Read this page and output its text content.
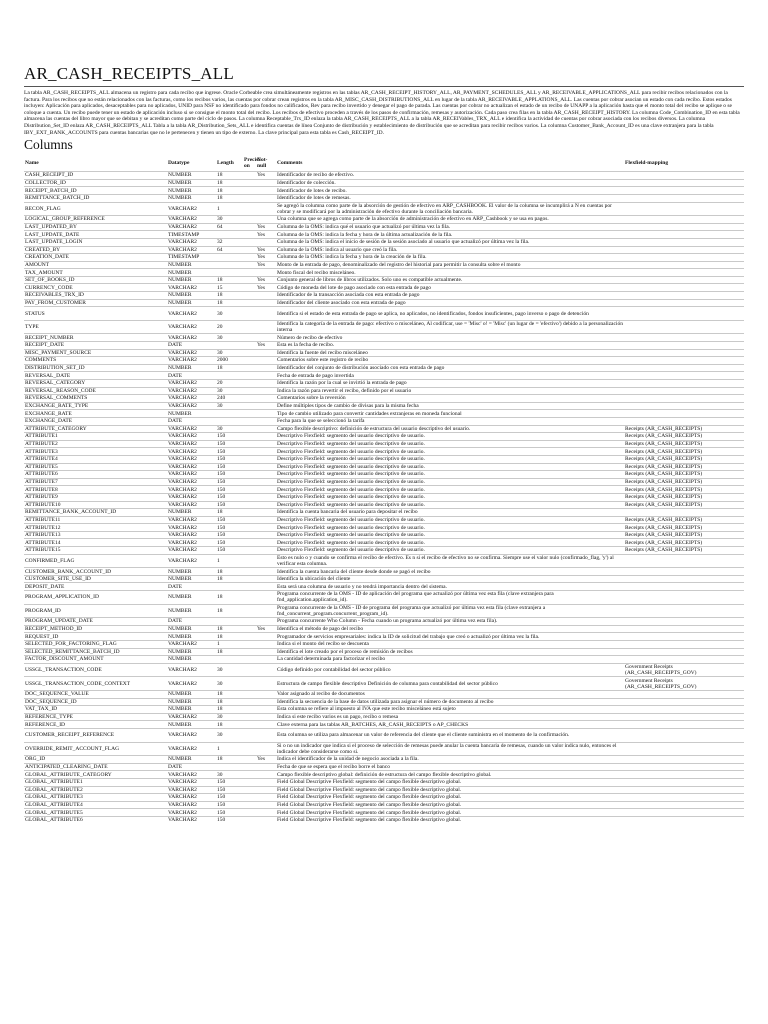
AR_CASH_RECEIPTS_ALL

La tabla AR_CASH_RECEIPTS_ALL almacena un registro para cada recibo que ingrese. Oracle Corbeable crea simultáneamente registros en las tablas AR_CASH_RECEIPT_HISTORY_ALL, AR_PAYMENT_SCHEDULES_ALL y AR_RECEIVABLE_APPLICATIONS_ALL para recibir recibos relacionados con la factura. Para los recibos que no están relacionados con las facturas, como los recibos varios, las cuentas por cobrar crean registros en la tabla AR_MISC_CASH_DISTRIBUTIONS_ALL en lugar de la tabla AR_RECEIVABLE_APPLATIONS_ALL. Las cuentas por cobrar asocian un estado con cada recibo. Estos estados incluyen: Aplicación para aplicados, desaceptables para no aplicados, UNID para NSF no identificado para fondos no calificados, Rev para recibo invertido y denegar el pago de parada. Las cuentas por cobrar no actualizan el estado de un recibo de UNAPP a la aplicación hasta que el monto total del recibo se aplique o se coloque a cuenta. Un recibo puede tener un estado de aplicación incluso si se consigue el monto total del recibo. Los recibos de efectivo proceden a través de los pasos de confirmación, remesas y autorización. Cada paso crea filas en la tabla AR_CASH_RECEIPT_HISTORY. La columna Code_Combination_ID en esta tabla almacena las cuentas del libro mayor que se debitan y se acreditan como parte del ciclo de pasos. La columna Receptable_Trx_ID enlaza la tabla AR_CASH_RECEIPTS_ALL a la tabla AR_RECEIVables_TRX_ALL e identifica la actividad de cuentas por cobrar asociada con los recibos diversos. La columna Distribution_Set_ID enlaza AR_CASH_RECEIPTS_ALL Tabla a la tabla AR_Distribution_Sets_ALL e identifica cuentas de línea Conjunto de distribución y establecimiento de distribución que se acreditan para recibir recibos varios. La columna Customer_Bank_Account_ID es una clave extranjera para la tabla IBY_EXT_BANK_ACCOUNTS para cuentas bancarias que no le pertenecen y tienen un tipo de externo. La clave principal para esta tabla es Cash_RECEIPT_ID.

Columns
Name	Datatype	Length	Precisi on	Not-null	Comments	Flexfield-mapping
CASH_RECEIPT_ID	NUMBER	18		Yes	Identificador de recibo de efectivo.	
COLLECTOR_ID	NUMBER	18			Identificador de colección.	
RECEIPT_BATCH_ID	NUMBER	18			Identificador de lotes de recibo.	
REMITTANCE_BATCH_ID	NUMBER	18			Identificador de lotes de remesas.	
RECON_FLAG	VARCHAR2	1			Se agregó la columna como parte de la absorción de gestión de efectivo en ARP_CASHBOOK. El valor de la columna se incumplirá a N en cuentas por cobrar y se modificará por la administración de efectivo durante la conciliación bancaria.	
LOGICAL_GROUP_REFERENCE	VARCHAR2	30			Una columna que se agrega como parte de la absorción de administración de efectivo en ARP_Cashbook y se usa en pagos.	
LAST_UPDATED_BY	VARCHAR2	64		Yes	Columna de la OMS: indica qué el usuario que actualizó por última vez la fila.	
LAST_UPDATE_DATE	TIMESTAMP			Yes	Columna de la OMS: indica la fecha y hora de la última actualización de la fila.	
LAST_UPDATE_LOGIN	VARCHAR2	32			Columna de la OMS: indica el inicio de sesión de la sesión asociado al usuario que actualizó por última vez la fila.	
CREATED_BY	VARCHAR2	64		Yes	Columna de la OMS: indica al usuario que creó la fila.	
CREATION_DATE	TIMESTAMP			Yes	Columna de la OMS: indica la fecha y hora de la creación de la fila.	
AMOUNT	NUMBER			Yes	Monto de la entrada de pago, denominalizado del registro del historial para permitir la consulta sobre el monto	
TAX_AMOUNT	NUMBER				Monto fiscal del recibo misceláneo.	
SET_OF_BOOKS_ID	NUMBER	18		Yes	Conjunto general de libros de libros utilizados. Solo uno es compatible actualmente.	
CURRENCY_CODE	VARCHAR2	15		Yes	Código de moneda del lote de pago asociado con esta entrada de pago	
RECEIVABLES_TRX_ID	NUMBER	18			Identificador de la transacción asociada con esta entrada de pago	
PAY_FROM_CUSTOMER	NUMBER	18			Identificador del cliente asociado con esta entrada de pago	
STATUS	VARCHAR2	30			Identifica si el estado de esta entrada de pago se aplica, no aplicados, no identificados, fondos insuficientes, pago inverso o pago de detención	
TYPE	VARCHAR2	20			Identifica la categoría de la entrada de pago: efectivo o misceláneo, Al codificar, use = 'Misc' o! = 'Misc' (un lugar de = 'efectivo') debido a la personalización interna	
RECEIPT_NUMBER	VARCHAR2	30			Número de recibo de efectivo	
RECEIPT_DATE	DATE			Yes	Esta es la fecha de recibo.	
MISC_PAYMENT_SOURCE	VARCHAR2	30			Identifica la fuente del recibo misceláneo	
COMMENTS	VARCHAR2	2000			Comentarios sobre este registro de recibo	
DISTRIBUTION_SET_ID	NUMBER	18			Identificador del conjunto de distribución asociado con esta entrada de pago	
REVERSAL_DATE	DATE				Fecha de entrada de pago invertida	
REVERSAL_CATEGORY	VARCHAR2	20			Identifica la razón por la cual se invirtió la entrada de pago	
REVERSAL_REASON_CODE	VARCHAR2	30			Indica la razón para revertir el recibo, definido por el usuario	
REVERSAL_COMMENTS	VARCHAR2	240			Comentarios sobre la reversión	
EXCHANGE_RATE_TYPE	VARCHAR2	30			Define múltiples tipos de cambio de divisas para la misma fecha	
EXCHANGE_RATE	NUMBER				Tipo de cambio utilizado para convertir cantidades extranjeras en moneda funcional	
EXCHANGE_DATE	DATE				Fecha para la que se seleccionó la tarifa	
ATTRIBUTE_CATEGORY	VARCHAR2	30			Campo flexible descriptivo: definición de estructura del usuario descriptivo del usuario.	Receipts (AR_CASH_RECEIPTS)
ATTRIBUTE1	VARCHAR2	150			Descriptivo Flexfield: segmento del usuario descriptivo de usuario.	Receipts (AR_CASH_RECEIPTS)
ATTRIBUTE2	VARCHAR2	150			Descriptivo Flexfield: segmento del usuario descriptivo de usuario.	Receipts (AR_CASH_RECEIPTS)
ATTRIBUTE3	VARCHAR2	150			Descriptivo Flexfield: segmento del usuario descriptivo de usuario.	Receipts (AR_CASH_RECEIPTS)
ATTRIBUTE4	VARCHAR2	150			Descriptivo Flexfield: segmento del usuario descriptivo de usuario.	Receipts (AR_CASH_RECEIPTS)
ATTRIBUTE5	VARCHAR2	150			Descriptivo Flexfield: segmento del usuario descriptivo de usuario.	Receipts (AR_CASH_RECEIPTS)
ATTRIBUTE6	VARCHAR2	150			Descriptivo Flexfield: segmento del usuario descriptivo de usuario.	Receipts (AR_CASH_RECEIPTS)
ATTRIBUTE7	VARCHAR2	150			Descriptivo Flexfield: segmento del usuario descriptivo de usuario.	Receipts (AR_CASH_RECEIPTS)
ATTRIBUTE8	VARCHAR2	150			Descriptivo Flexfield: segmento del usuario descriptivo de usuario.	Receipts (AR_CASH_RECEIPTS)
ATTRIBUTE9	VARCHAR2	150			Descriptivo Flexfield: segmento del usuario descriptivo de usuario.	Receipts (AR_CASH_RECEIPTS)
ATTRIBUTE10	VARCHAR2	150			Descriptivo Flexfield: segmento del usuario descriptivo de usuario.	Receipts (AR_CASH_RECEIPTS)
REMITTANCE_BANK_ACCOUNT_ID	NUMBER	18			Identifica la cuenta bancaria del usuario para depositar el recibo	
ATTRIBUTE11	VARCHAR2	150			Descriptivo Flexfield: segmento del usuario descriptivo de usuario.	Receipts (AR_CASH_RECEIPTS)
ATTRIBUTE12	VARCHAR2	150			Descriptivo Flexfield: segmento del usuario descriptivo de usuario.	Receipts (AR_CASH_RECEIPTS)
ATTRIBUTE13	VARCHAR2	150			Descriptivo Flexfield: segmento del usuario descriptivo de usuario.	Receipts (AR_CASH_RECEIPTS)
ATTRIBUTE14	VARCHAR2	150			Descriptivo Flexfield: segmento del usuario descriptivo de usuario.	Receipts (AR_CASH_RECEIPTS)
ATTRIBUTE15	VARCHAR2	150			Descriptivo Flexfield: segmento del usuario descriptivo de usuario.	Receipts (AR_CASH_RECEIPTS)
CONFIRMED_FLAG	VARCHAR2	1			Esto es nulo o y cuando se confirma el recibo de efectivo. Es n si el recibo de efectivo no se confirma. Siempre use el valor nulo (confirmado_flag, 'y') al verificar esta columna.	
CUSTOMER_BANK_ACCOUNT_ID	NUMBER	18			Identifica la cuenta bancaria del cliente desde donde se pagó el recibo	
CUSTOMER_SITE_USE_ID	NUMBER	18			Identifica la ubicación del cliente	
DEPOSIT_DATE	DATE				Esta será una columna de usuario y no tendrá importancia dentro del sistema.	
PROGRAM_APPLICATION_ID	NUMBER	18			Programa concurrente de la OMS - ID de aplicación del programa que actualizó por última vez esta fila (clave extranjera para fnd_application.application_id).	
PROGRAM_ID	NUMBER	18			Programa concurrente de la OMS - ID de programa del programa que actualizó por última vez esta fila (clave extranjera a fnd_concurrent_program.concurrent_program_id).	
PROGRAM_UPDATE_DATE	DATE				Programa concurrente Who Column - Fecha cuando un programa actualizó por última vez esta fila).	
RECEIPT_METHOD_ID	NUMBER	18		Yes	Identifica el método de pago del recibo	
REQUEST_ID	NUMBER	18			Programador de servicios empresariales: indica la ID de solicitud del trabajo que creó o actualizó por última vez la fila.	
SELECTED_FOR_FACTORING_FLAG	VARCHAR2	1			Indica si el monto del recibo se descuenta	
SELECTED_REMITTANCE_BATCH_ID	NUMBER	18			Identifica el lote creado por el proceso de remisión de recibos	
FACTOR_DISCOUNT_AMOUNT	NUMBER				La cantidad determinada para factorizar el recibo	
USSGL_TRANSACTION_CODE	VARCHAR2	30			Código definido por contabilidad del sector público	Government Receipts (AR_CASH_RECEIPTS_GOV)
USSGL_TRANSACTION_CODE_CONTEXT	VARCHAR2	30			Estructura de campo flexible descriptivo Definición de columna para contabilidad del sector público	Government Receipts (AR_CASH_RECEIPTS_GOV)
DOC_SEQUENCE_VALUE	NUMBER	18			Valor asignado al recibo de documentos	
DOC_SEQUENCE_ID	NUMBER	18			Identifica la secuencia de la base de datos utilizada para asignar el número de documento al recibo	
VAT_TAX_ID	NUMBER	18			Esta columna se refiere al impuesto al IVA que este recibo misceláneo está sujeto	
REFERENCE_TYPE	VARCHAR2	30			Indica si este recibo varios es un pago, recibo o remesa	
REFERENCE_ID	NUMBER	18			Clave externa para las tablas AR_BATCHES, AR_CASH_RECEIPTS o AP_CHECKS	
CUSTOMER_RECEIPT_REFERENCE	VARCHAR2	30			Esta columna se utiliza para almacenar un valor de referencia del cliente que el cliente suministra en el momento de la confirmación.	
OVERRIDE_REMIT_ACCOUNT_FLAG	VARCHAR2	1			Si o no un indicador que indica si el proceso de selección de remesas puede anular la cuenta bancaria de remesas, cuando un valor indica nulo, entonces el indicador debe considerarse como si.	
ORG_ID	NUMBER	18		Yes	Indica el identificador de la unidad de negocio asociada a la fila.	
ANTICIPATED_CLEARING_DATE	DATE				Fecha de que se espera que el recibo borre el banco	
GLOBAL_ATTRIBUTE_CATEGORY	VARCHAR2	30			Campo flexible descriptivo global: definición de estructura del campo flexible descriptivo global.	
GLOBAL_ATTRIBUTE1	VARCHAR2	150			Field Global Descriptive Flexfield: segmento del campo flexible descriptivo global.	
GLOBAL_ATTRIBUTE2	VARCHAR2	150			Field Global Descriptive Flexfield: segmento del campo flexible descriptivo global.	
GLOBAL_ATTRIBUTE3	VARCHAR2	150			Field Global Descriptive Flexfield: segmento del campo flexible descriptivo global.	
GLOBAL_ATTRIBUTE4	VARCHAR2	150			Field Global Descriptive Flexfield: segmento del campo flexible descriptivo global.	
GLOBAL_ATTRIBUTE5	VARCHAR2	150			Field Global Descriptive Flexfield: segmento del campo flexible descriptivo global.	
GLOBAL_ATTRIBUTE6	VARCHAR2	150			Field Global Descriptive Flexfield: segmento del campo flexible descriptivo global.	
